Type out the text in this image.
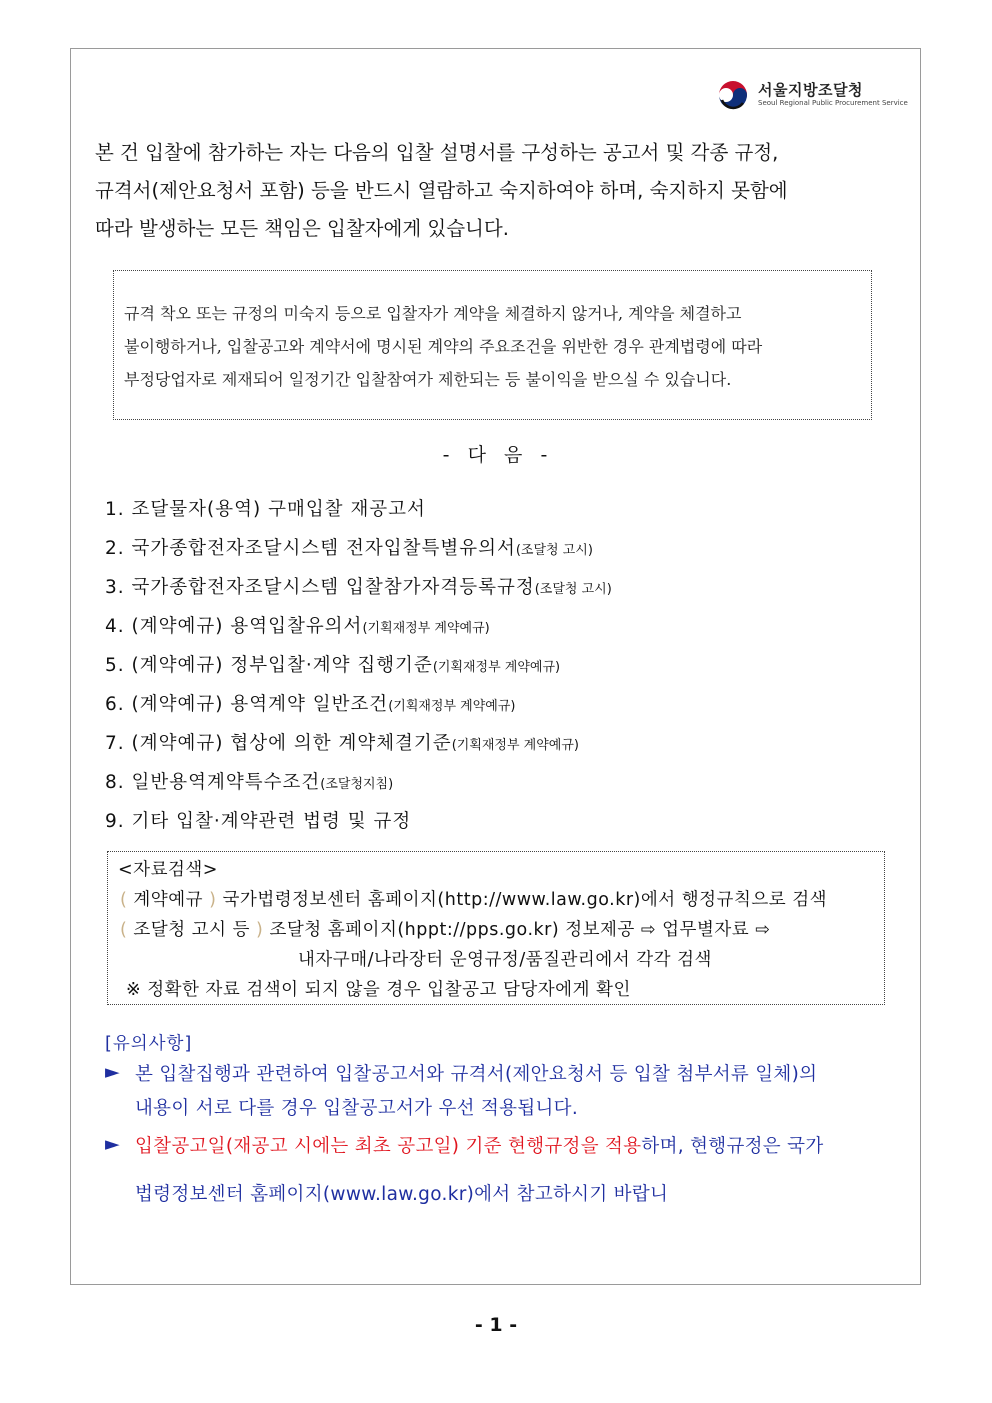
서울지방조달청
Seoul Regional Public Procurement Service
본 건 입찰에 참가하는 자는 다음의 입찰 설명서를 구성하는 공고서 및 각종 규정,
규격서(제안요청서 포함) 등을 반드시 열람하고 숙지하여야 하며, 숙지하지 못함에
따라 발생하는 모든 책임은 입찰자에게 있습니다.
규격 착오 또는 규정의 미숙지 등으로 입찰자가 계약을 체결하지 않거나, 계약을 체결하고
불이행하거나, 입찰공고와 계약서에 명시된 계약의 주요조건을 위반한 경우 관계법령에 따라
부정당업자로 제재되어 일정기간 입찰참여가 제한되는 등 불이익을 받으실 수 있습니다.
-  다  음  -
1. 조달물자(용역) 구매입찰 재공고서
2. 국가종합전자조달시스템 전자입찰특별유의서(조달청 고시)
3. 국가종합전자조달시스템 입찰참가자격등록규정(조달청 고시)
4. (계약예규) 용역입찰유의서(기획재정부 계약예규)
5. (계약예규) 정부입찰·계약 집행기준(기획재정부 계약예규)
6. (계약예규) 용역계약 일반조건(기획재정부 계약예규)
7. (계약예규) 협상에 의한 계약체결기준(기획재정부 계약예규)
8. 일반용역계약특수조건(조달청지침)
9. 기타 입찰·계약관련 법령 및 규정
<자료검색>
( 계약예규 ) 국가법령정보센터 홈페이지(http://www.law.go.kr)에서 행정규칙으로 검색
( 조달청 고시 등 ) 조달청 홈페이지(hppt://pps.go.kr) 정보제공 ⇨ 업무별자료 ⇨
내자구매/나라장터 운영규정/품질관리에서 각각 검색
※ 정확한 자료 검색이 되지 않을 경우 입찰공고 담당자에게 확인
[유의사항]
► 본 입찰집행과 관련하여 입찰공고서와 규격서(제안요청서 등 입찰 첨부서류 일체)의
내용이 서로 다를 경우 입찰공고서가 우선 적용됩니다.
► 입찰공고일(재공고 시에는 최초 공고일) 기준 현행규정을 적용하며, 현행규정은 국가
법령정보센터 홈페이지(www.law.go.kr)에서 참고하시기 바랍니
- 1 -
